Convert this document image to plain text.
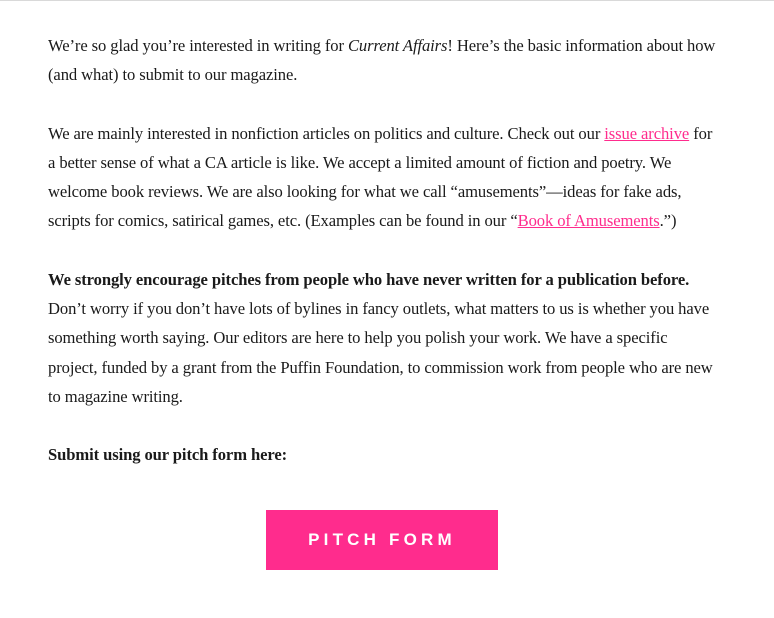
We’re so glad you’re interested in writing for Current Affairs! Here’s the basic information about how (and what) to submit to our magazine.

We are mainly interested in nonfiction articles on politics and culture. Check out our issue archive for a better sense of what a CA article is like. We accept a limited amount of fiction and poetry. We welcome book reviews. We are also looking for what we call “amusements”—ideas for fake ads, scripts for comics, satirical games, etc. (Examples can be found in our “Book of Amusements.”)

We strongly encourage pitches from people who have never written for a publication before. Don’t worry if you don’t have lots of bylines in fancy outlets, what matters to us is whether you have something worth saying. Our editors are here to help you polish your work. We have a specific project, funded by a grant from the Puffin Foundation, to commission work from people who are new to magazine writing.

Submit using our pitch form here:

PITCH FORM
